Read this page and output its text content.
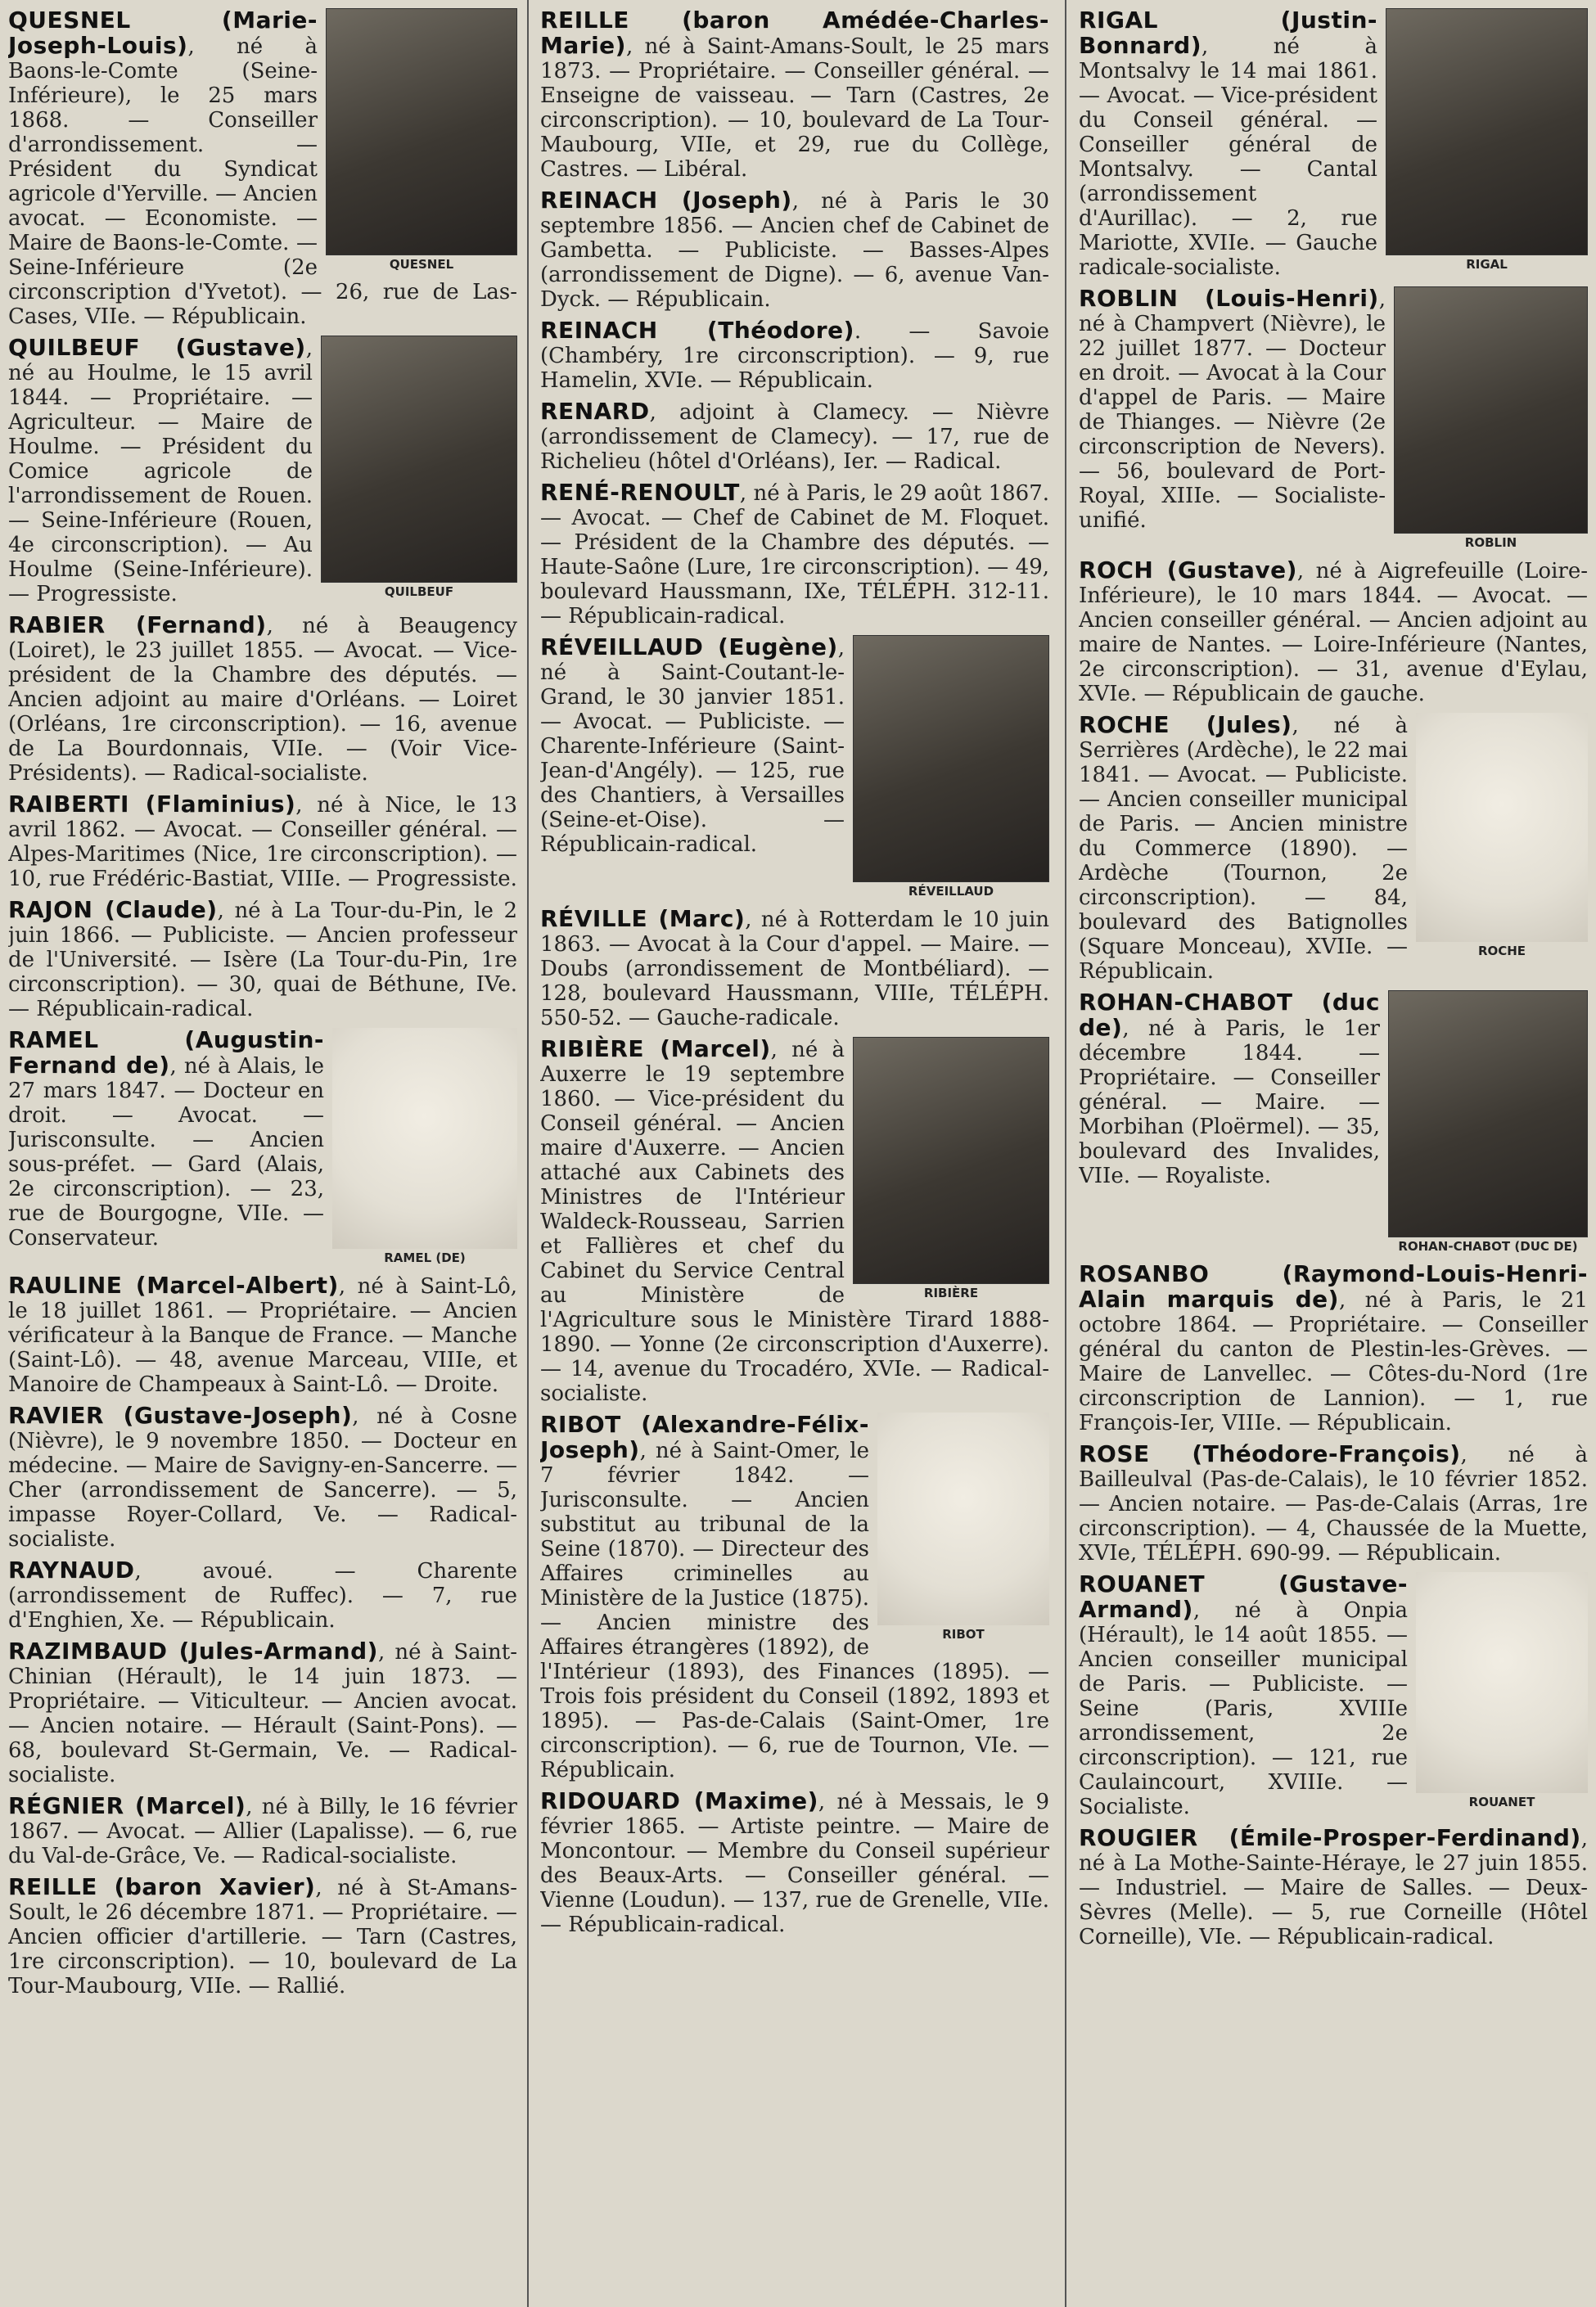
QUESNEL
QUESNEL (Marie-Joseph-Louis), né à Baons-le-Comte (Seine-Inférieure), le 25 mars 1868. — Conseiller d'arrondissement. — Président du Syndicat agricole d'Yerville. — Ancien avocat. — Economiste. — Maire de Baons-le-Comte. — Seine-Inférieure (2e circonscription d'Yvetot). — 26, rue de Las-Cases, VIIe. — Républicain.

QUILBEUF
QUILBEUF (Gustave), né au Houlme, le 15 avril 1844. — Propriétaire. — Agriculteur. — Maire de Houlme. — Président du Comice agricole de l'arrondissement de Rouen. — Seine-Inférieure (Rouen, 4e circonscription). — Au Houlme (Seine-Inférieure). — Progressiste.

RABIER (Fernand), né à Beaugency (Loiret), le 23 juillet 1855. — Avocat. — Vice-président de la Chambre des députés. — Ancien adjoint au maire d'Orléans. — Loiret (Orléans, 1re circonscription). — 16, avenue de La Bourdonnais, VIIe. — (Voir Vice-Présidents). — Radical-socialiste.

RAIBERTI (Flaminius), né à Nice, le 13 avril 1862. — Avocat. — Conseiller général. — Alpes-Maritimes (Nice, 1re circonscription). — 10, rue Frédéric-Bastiat, VIIIe. — Progressiste.

RAJON (Claude), né à La Tour-du-Pin, le 2 juin 1866. — Publiciste. — Ancien professeur de l'Université. — Isère (La Tour-du-Pin, 1re circonscription). — 30, quai de Béthune, IVe. — Républicain-radical.

RAMEL (DE)
RAMEL (Augustin-Fernand de), né à Alais, le 27 mars 1847. — Docteur en droit. — Avocat. — Jurisconsulte. — Ancien sous-préfet. — Gard (Alais, 2e circonscription). — 23, rue de Bourgogne, VIIe. — Conservateur.

RAULINE (Marcel-Albert), né à Saint-Lô, le 18 juillet 1861. — Propriétaire. — Ancien vérificateur à la Banque de France. — Manche (Saint-Lô). — 48, avenue Marceau, VIIIe, et Manoire de Champeaux à Saint-Lô. — Droite.

RAVIER (Gustave-Joseph), né à Cosne (Nièvre), le 9 novembre 1850. — Docteur en médecine. — Maire de Savigny-en-Sancerre. — Cher (arrondissement de Sancerre). — 5, impasse Royer-Collard, Ve. — Radical-socialiste.

RAYNAUD, avoué. — Charente (arrondissement de Ruffec). — 7, rue d'Enghien, Xe. — Républicain.

RAZIMBAUD (Jules-Armand), né à Saint-Chinian (Hérault), le 14 juin 1873. — Propriétaire. — Viticulteur. — Ancien avocat. — Ancien notaire. — Hérault (Saint-Pons). — 68, boulevard St-Germain, Ve. — Radical-socialiste.

RÉGNIER (Marcel), né à Billy, le 16 février 1867. — Avocat. — Allier (Lapalisse). — 6, rue du Val-de-Grâce, Ve. — Radical-socialiste.

REILLE (baron Xavier), né à St-Amans-Soult, le 26 décembre 1871. — Propriétaire. — Ancien officier d'artillerie. — Tarn (Castres, 1re circonscription). — 10, boulevard de La Tour-Maubourg, VIIe. — Rallié.

REILLE (baron Amédée-Charles-Marie), né à Saint-Amans-Soult, le 25 mars 1873. — Propriétaire. — Conseiller général. — Enseigne de vaisseau. — Tarn (Castres, 2e circonscription). — 10, boulevard de La Tour-Maubourg, VIIe, et 29, rue du Collège, Castres. — Libéral.

REINACH (Joseph), né à Paris le 30 septembre 1856. — Ancien chef de Cabinet de Gambetta. — Publiciste. — Basses-Alpes (arrondissement de Digne). — 6, avenue Van-Dyck. — Républicain.

REINACH (Théodore). — Savoie (Chambéry, 1re circonscription). — 9, rue Hamelin, XVIe. — Républicain.

RENARD, adjoint à Clamecy. — Nièvre (arrondissement de Clamecy). — 17, rue de Richelieu (hôtel d'Orléans), Ier. — Radical.

RENÉ-RENOULT, né à Paris, le 29 août 1867. — Avocat. — Chef de Cabinet de M. Floquet. — Président de la Chambre des députés. — Haute-Saône (Lure, 1re circonscription). — 49, boulevard Haussmann, IXe, TÉLÉPH. 312-11. — Républicain-radical.

RÉVEILLAUD
RÉVEILLAUD (Eugène), né à Saint-Coutant-le-Grand, le 30 janvier 1851. — Avocat. — Publiciste. — Charente-Inférieure (Saint-Jean-d'Angély). — 125, rue des Chantiers, à Versailles (Seine-et-Oise). — Républicain-radical.

RÉVILLE (Marc), né à Rotterdam le 10 juin 1863. — Avocat à la Cour d'appel. — Maire. — Doubs (arrondissement de Montbéliard). — 128, boulevard Haussmann, VIIIe, TÉLÉPH. 550-52. — Gauche-radicale.

RIBIÈRE
RIBIÈRE (Marcel), né à Auxerre le 19 septembre 1860. — Vice-président du Conseil général. — Ancien maire d'Auxerre. — Ancien attaché aux Cabinets des Ministres de l'Intérieur Waldeck-Rousseau, Sarrien et Fallières et chef du Cabinet du Service Central au Ministère de l'Agriculture sous le Ministère Tirard 1888-1890. — Yonne (2e circonscription d'Auxerre). — 14, avenue du Trocadéro, XVIe. — Radical-socialiste.

RIBOT
RIBOT (Alexandre-Félix-Joseph), né à Saint-Omer, le 7 février 1842. — Jurisconsulte. — Ancien substitut au tribunal de la Seine (1870). — Directeur des Affaires criminelles au Ministère de la Justice (1875). — Ancien ministre des Affaires étrangères (1892), de l'Intérieur (1893), des Finances (1895). — Trois fois président du Conseil (1892, 1893 et 1895). — Pas-de-Calais (Saint-Omer, 1re circonscription). — 6, rue de Tournon, VIe. — Républicain.

RIDOUARD (Maxime), né à Messais, le 9 février 1865. — Artiste peintre. — Maire de Moncontour. — Membre du Conseil supérieur des Beaux-Arts. — Conseiller général. — Vienne (Loudun). — 137, rue de Grenelle, VIIe. — Républicain-radical.

RIGAL
RIGAL (Justin-Bonnard), né à Montsalvy le 14 mai 1861. — Avocat. — Vice-président du Conseil général. — Conseiller général de Montsalvy. — Cantal (arrondissement d'Aurillac). — 2, rue Mariotte, XVIIe. — Gauche radicale-socialiste.

ROBLIN
ROBLIN (Louis-Henri), né à Champvert (Nièvre), le 22 juillet 1877. — Docteur en droit. — Avocat à la Cour d'appel de Paris. — Maire de Thianges. — Nièvre (2e circonscription de Nevers). — 56, boulevard de Port-Royal, XIIIe. — Socialiste-unifié.

ROCH (Gustave), né à Aigrefeuille (Loire-Inférieure), le 10 mars 1844. — Avocat. — Ancien conseiller général. — Ancien adjoint au maire de Nantes. — Loire-Inférieure (Nantes, 2e circonscription). — 31, avenue d'Eylau, XVIe. — Républicain de gauche.

ROCHE
ROCHE (Jules), né à Serrières (Ardèche), le 22 mai 1841. — Avocat. — Publiciste. — Ancien conseiller municipal de Paris. — Ancien ministre du Commerce (1890). — Ardèche (Tournon, 2e circonscription). — 84, boulevard des Batignolles (Square Monceau), XVIIe. — Républicain.

ROHAN-CHABOT (DUC DE)
ROHAN-CHABOT (duc de), né à Paris, le 1er décembre 1844. — Propriétaire. — Conseiller général. — Maire. — Morbihan (Ploërmel). — 35, boulevard des Invalides, VIIe. — Royaliste.

ROSANBO (Raymond-Louis-Henri-Alain marquis de), né à Paris, le 21 octobre 1864. — Propriétaire. — Conseiller général du canton de Plestin-les-Grèves. — Maire de Lanvellec. — Côtes-du-Nord (1re circonscription de Lannion). — 1, rue François-Ier, VIIIe. — Républicain.

ROSE (Théodore-François), né à Bailleulval (Pas-de-Calais), le 10 février 1852. — Ancien notaire. — Pas-de-Calais (Arras, 1re circonscription). — 4, Chaussée de la Muette, XVIe, TÉLÉPH. 690-99. — Républicain.

ROUANET
ROUANET (Gustave-Armand), né à Onpia (Hérault), le 14 août 1855. — Ancien conseiller municipal de Paris. — Publiciste. — Seine (Paris, XVIIIe arrondissement, 2e circonscription). — 121, rue Caulaincourt, XVIIIe. — Socialiste.

ROUGIER (Émile-Prosper-Ferdinand), né à La Mothe-Sainte-Héraye, le 27 juin 1855. — Industriel. — Maire de Salles. — Deux-Sèvres (Melle). — 5, rue Corneille (Hôtel Corneille), VIe. — Républicain-radical.
